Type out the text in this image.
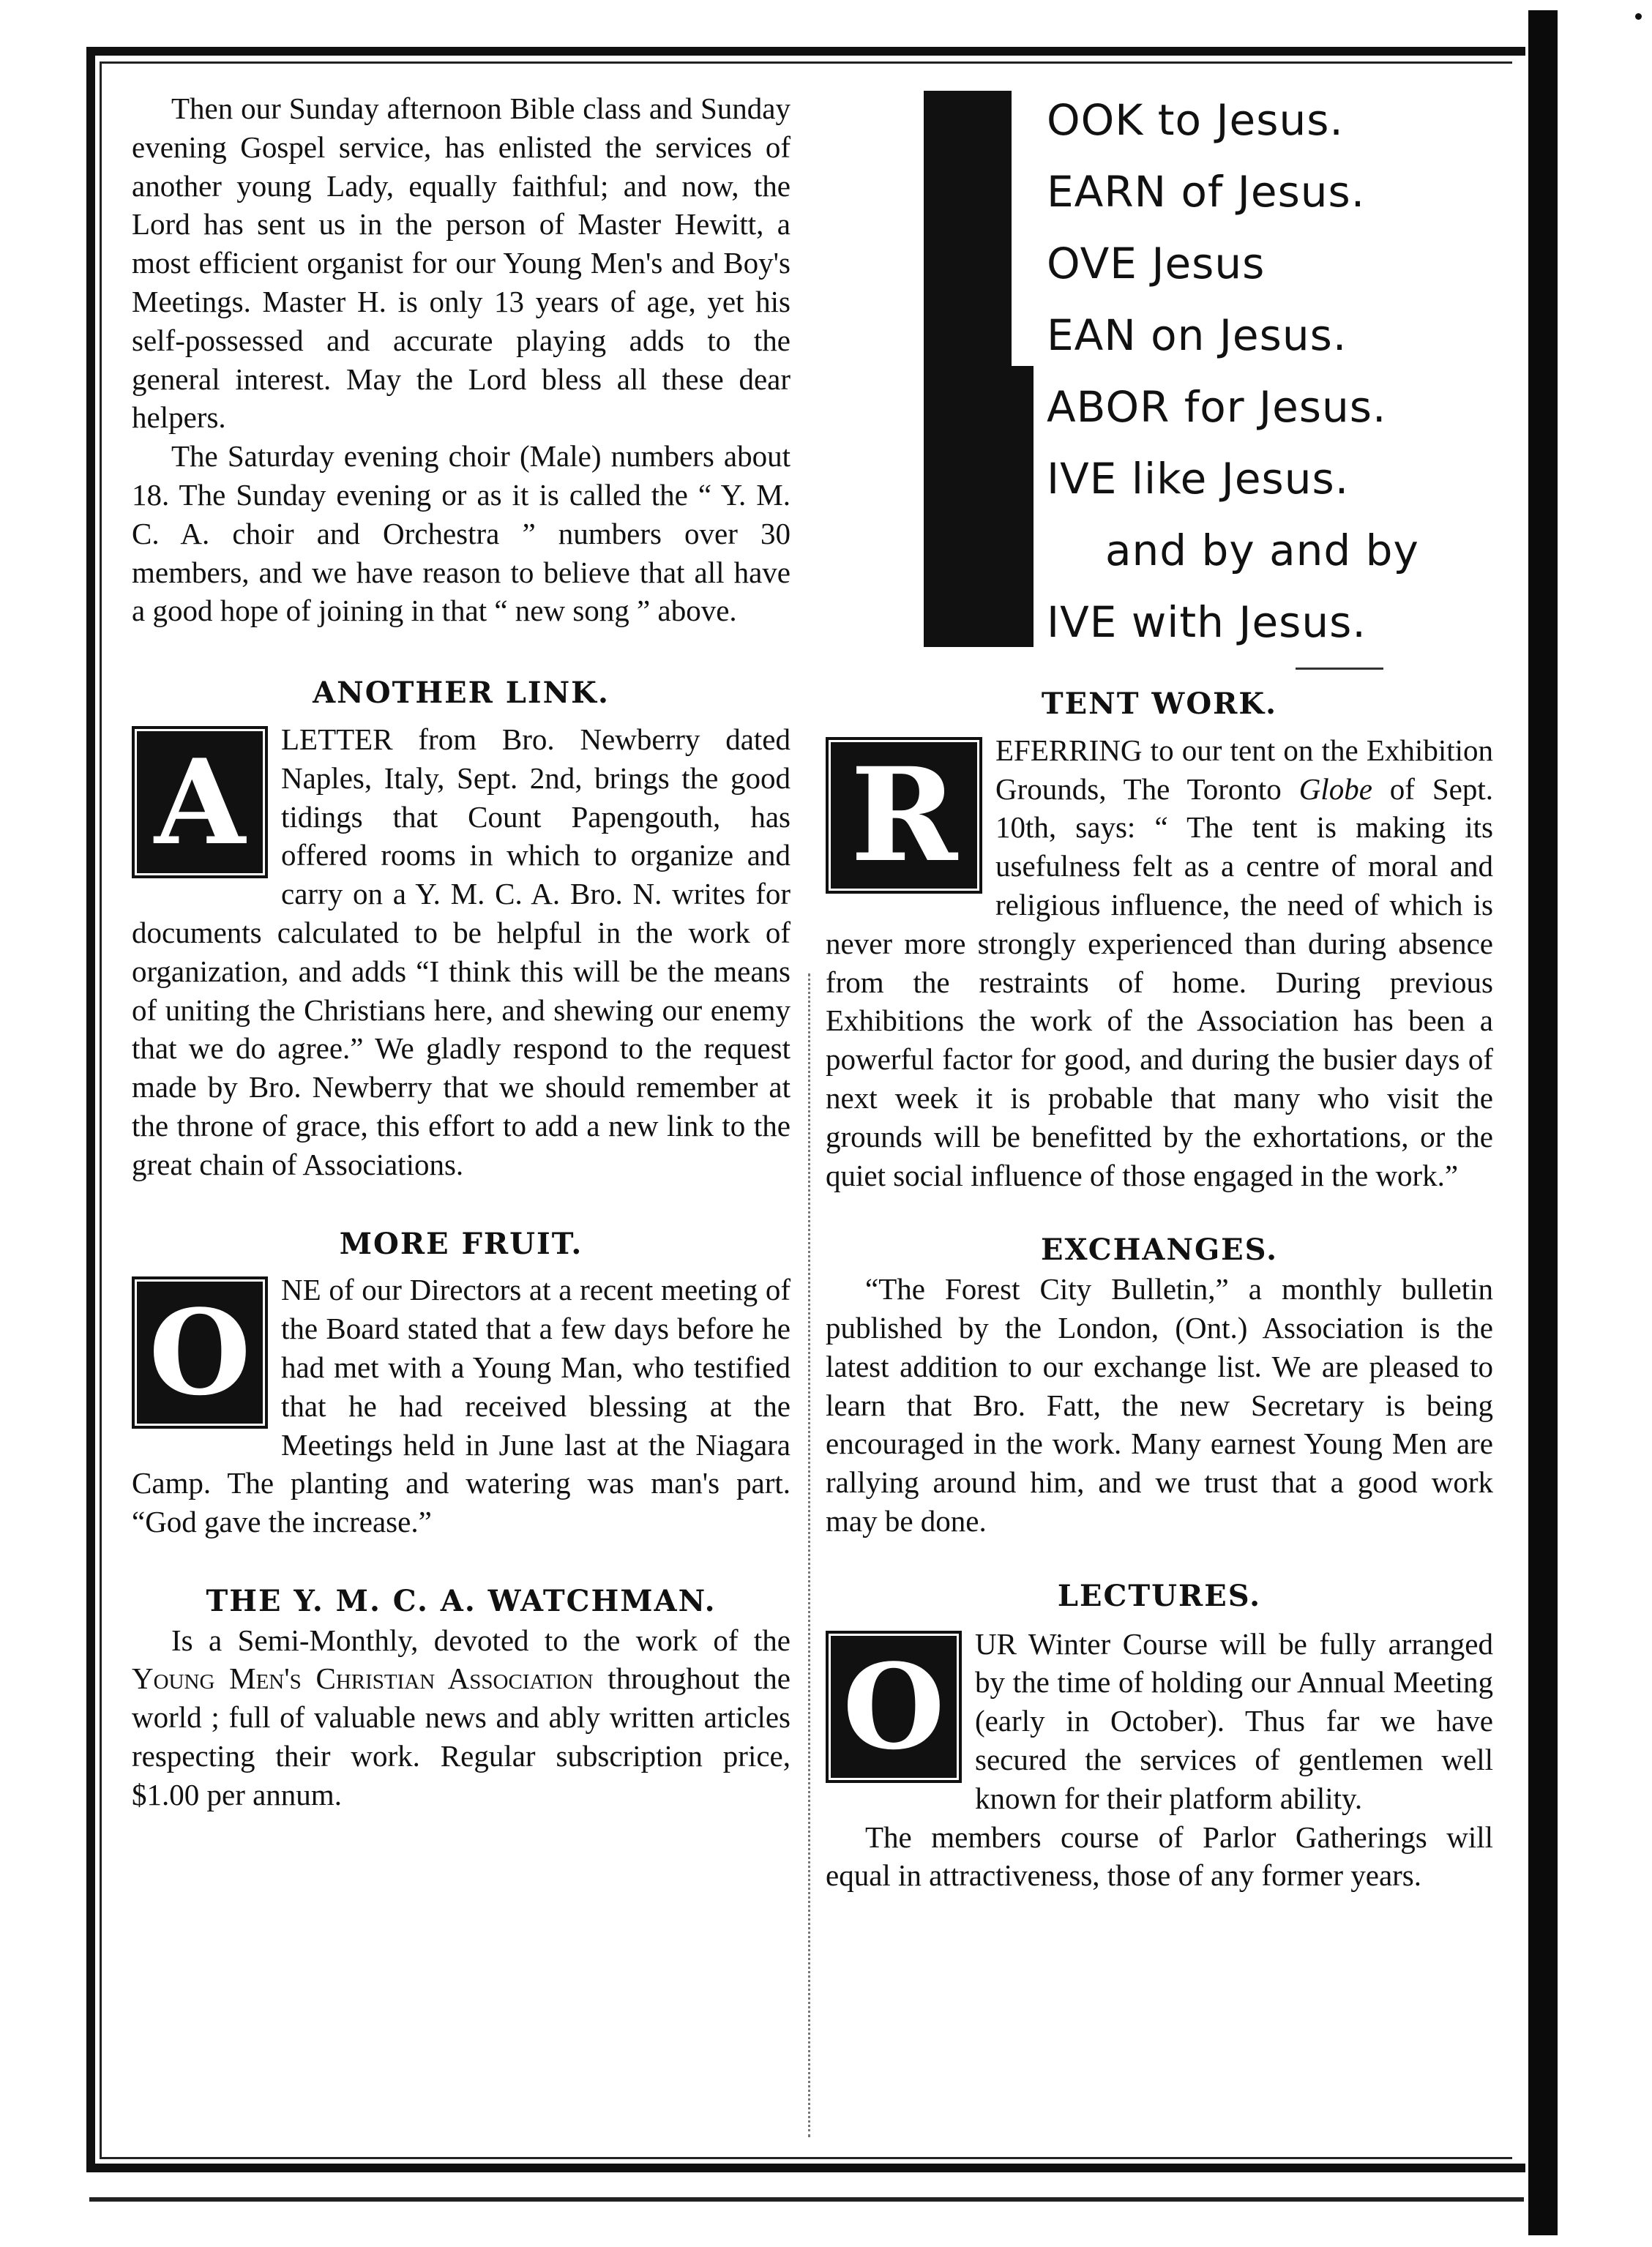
Then our Sunday afternoon Bible class and Sunday evening Gospel service, has enlisted the services of another young Lady, equally faithful; and now, the Lord has sent us in the person of Master Hewitt, a most efficient organist for our Young Men's and Boy's Meetings. Master H. is only 13 years of age, yet his self-possessed and accurate playing adds to the general interest. May the Lord bless all these dear helpers.

The Saturday evening choir (Male) numbers about 18. The Sunday evening or as it is called the “ Y. M. C. A. choir and Orchestra ” numbers over 30 members, and we have reason to believe that all have a good hope of joining in that “ new song ” above.

ANOTHER LINK.

A	LETTER from Bro. Newberry dated Naples, Italy, Sept. 2nd, brings the good tidings that Count Papengouth, has offered rooms in which to organize and carry on a Y. M. C. A. Bro. N. writes for documents calculated to be helpful in the work of organization, and adds “I think this will be the means of uniting the Christians here, and shewing our enemy that we do agree.” We gladly respond to the request made by Bro. Newberry that we should remember at the throne of grace, this effort to add a new link to the great chain of Associations.

MORE FRUIT.

O	NE of our Directors at a recent meeting of the Board stated that a few days before he had met with a Young Man, who testified that he had received blessing at the Meetings held in June last at the Niagara Camp. The planting and watering was man's part. “God gave the increase.”

THE Y. M. C. A. WATCHMAN.

Is a Semi-Monthly, devoted to the work of the Young Men's Christian Association throughout the world ; full of valuable news and ably written articles respecting their work. Regular subscription price, $1.00 per annum.

OOK to Jesus.
EARN of Jesus.
OVE Jesus
EAN on Jesus.
ABOR for Jesus.
IVE like Jesus.
and by and by
IVE with Jesus.

TENT WORK.

R	EFERRING to our tent on the Exhibition Grounds, The Toronto Globe of Sept. 10th, says: “ The tent is making its usefulness felt as a centre of moral and religious influence, the need of which is never more strongly experienced than during absence from the restraints of home. During previous Exhibitions the work of the Association has been a powerful factor for good, and during the busier days of next week it is probable that many who visit the grounds will be benefitted by the exhortations, or the quiet social influence of those engaged in the work.”

EXCHANGES.

“The Forest City Bulletin,” a monthly bulletin published by the London, (Ont.) Association is the latest addition to our exchange list. We are pleased to learn that Bro. Fatt, the new Secretary is being encouraged in the work. Many earnest Young Men are rallying around him, and we trust that a good work may be done.

LECTURES.

O	UR Winter Course will be fully arranged by the time of holding our Annual Meeting (early in October). Thus far we have secured the services of gentlemen well known for their platform ability.

The members course of Parlor Gatherings will equal in attractiveness, those of any former years.
